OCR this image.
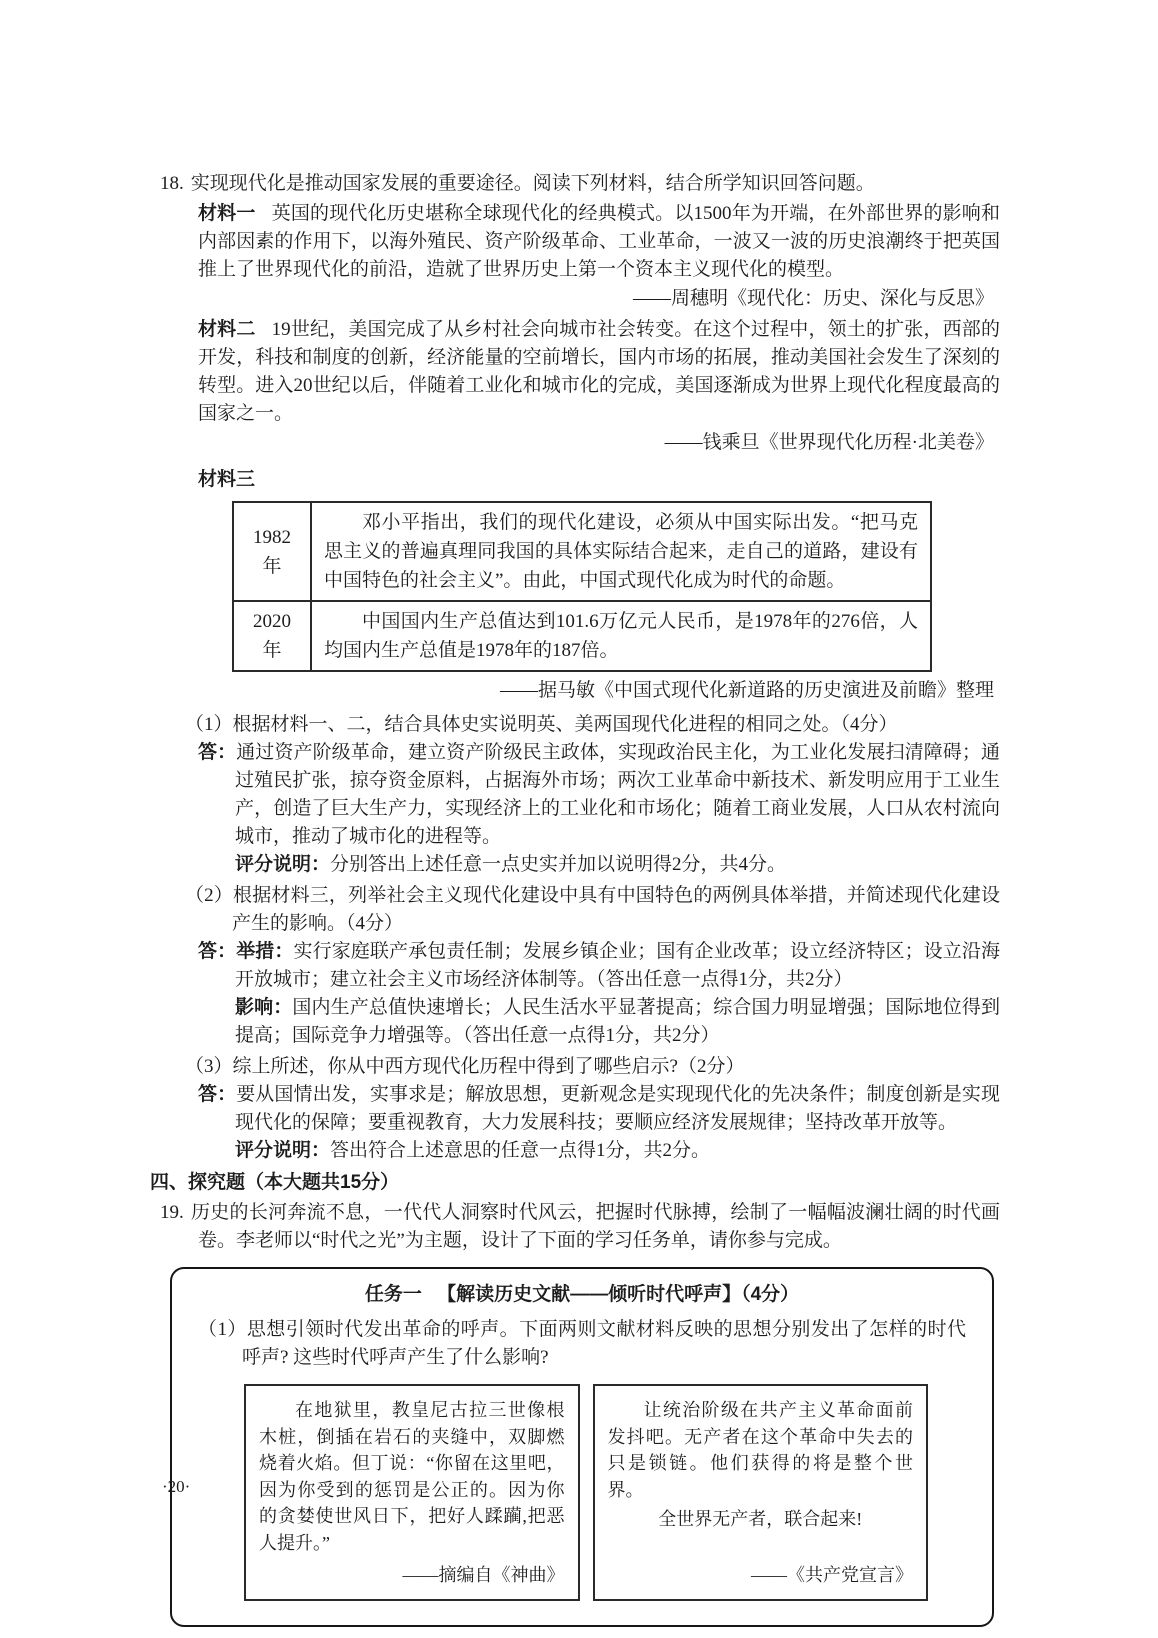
18. 实现现代化是推动国家发展的重要途径。阅读下列材料，结合所学知识回答问题。

材料一 英国的现代化历史堪称全球现代化的经典模式。以1500年为开端，在外部世界的影响和内部因素的作用下，以海外殖民、资产阶级革命、工业革命，一波又一波的历史浪潮终于把英国推上了世界现代化的前沿，造就了世界历史上第一个资本主义现代化的模型。

——周穗明《现代化：历史、深化与反思》

材料二 19世纪，美国完成了从乡村社会向城市社会转变。在这个过程中，领土的扩张，西部的开发，科技和制度的创新，经济能量的空前增长，国内市场的拓展，推动美国社会发生了深刻的转型。进入20世纪以后，伴随着工业化和城市化的完成，美国逐渐成为世界上现代化程度最高的国家之一。

——钱乘旦《世界现代化历程·北美卷》

材料三

1982年	邓小平指出，我们的现代化建设，必须从中国实际出发。“把马克思主义的普遍真理同我国的具体实际结合起来，走自己的道路，建设有中国特色的社会主义”。由此，中国式现代化成为时代的命题。
2020年	中国国内生产总值达到101.6万亿元人民币，是1978年的276倍，人均国内生产总值是1978年的187倍。

——据马敏《中国式现代化新道路的历史演进及前瞻》整理

（1）根据材料一、二，结合具体史实说明英、美两国现代化进程的相同之处。（4分）

答：通过资产阶级革命，建立资产阶级民主政体，实现政治民主化，为工业化发展扫清障碍；通过殖民扩张，掠夺资金原料，占据海外市场；两次工业革命中新技术、新发明应用于工业生产，创造了巨大生产力，实现经济上的工业化和市场化；随着工商业发展，人口从农村流向城市，推动了城市化的进程等。

评分说明：分别答出上述任意一点史实并加以说明得2分，共4分。

（2）根据材料三，列举社会主义现代化建设中具有中国特色的两例具体举措，并简述现代化建设产生的影响。（4分）

答：举措：实行家庭联产承包责任制；发展乡镇企业；国有企业改革；设立经济特区；设立沿海开放城市；建立社会主义市场经济体制等。（答出任意一点得1分，共2分）

影响：国内生产总值快速增长；人民生活水平显著提高；综合国力明显增强；国际地位得到提高；国际竞争力增强等。（答出任意一点得1分，共2分）

（3）综上所述，你从中西方现代化历程中得到了哪些启示?（2分）

答：要从国情出发，实事求是；解放思想，更新观念是实现现代化的先决条件；制度创新是实现现代化的保障；要重视教育，大力发展科技；要顺应经济发展规律；坚持改革开放等。

评分说明：答出符合上述意思的任意一点得1分，共2分。

四、探究题（本大题共15分）

19. 历史的长河奔流不息，一代代人洞察时代风云，把握时代脉搏，绘制了一幅幅波澜壮阔的时代画卷。李老师以“时代之光”为主题，设计了下面的学习任务单，请你参与完成。

任务一 【解读历史文献——倾听时代呼声】（4分）

（1）思想引领时代发出革命的呼声。下面两则文献材料反映的思想分别发出了怎样的时代呼声? 这些时代呼声产生了什么影响?

在地狱里，教皇尼古拉三世像根木桩，倒插在岩石的夹缝中，双脚燃烧着火焰。但丁说：“你留在这里吧，因为你受到的惩罚是公正的。因为你的贪婪使世风日下，把好人蹂躏,把恶人提升。”

——摘编自《神曲》

让统治阶级在共产主义革命面前发抖吧。无产者在这个革命中失去的只是锁链。他们获得的将是整个世界。

全世界无产者，联合起来!

——《共产党宣言》

·20·
